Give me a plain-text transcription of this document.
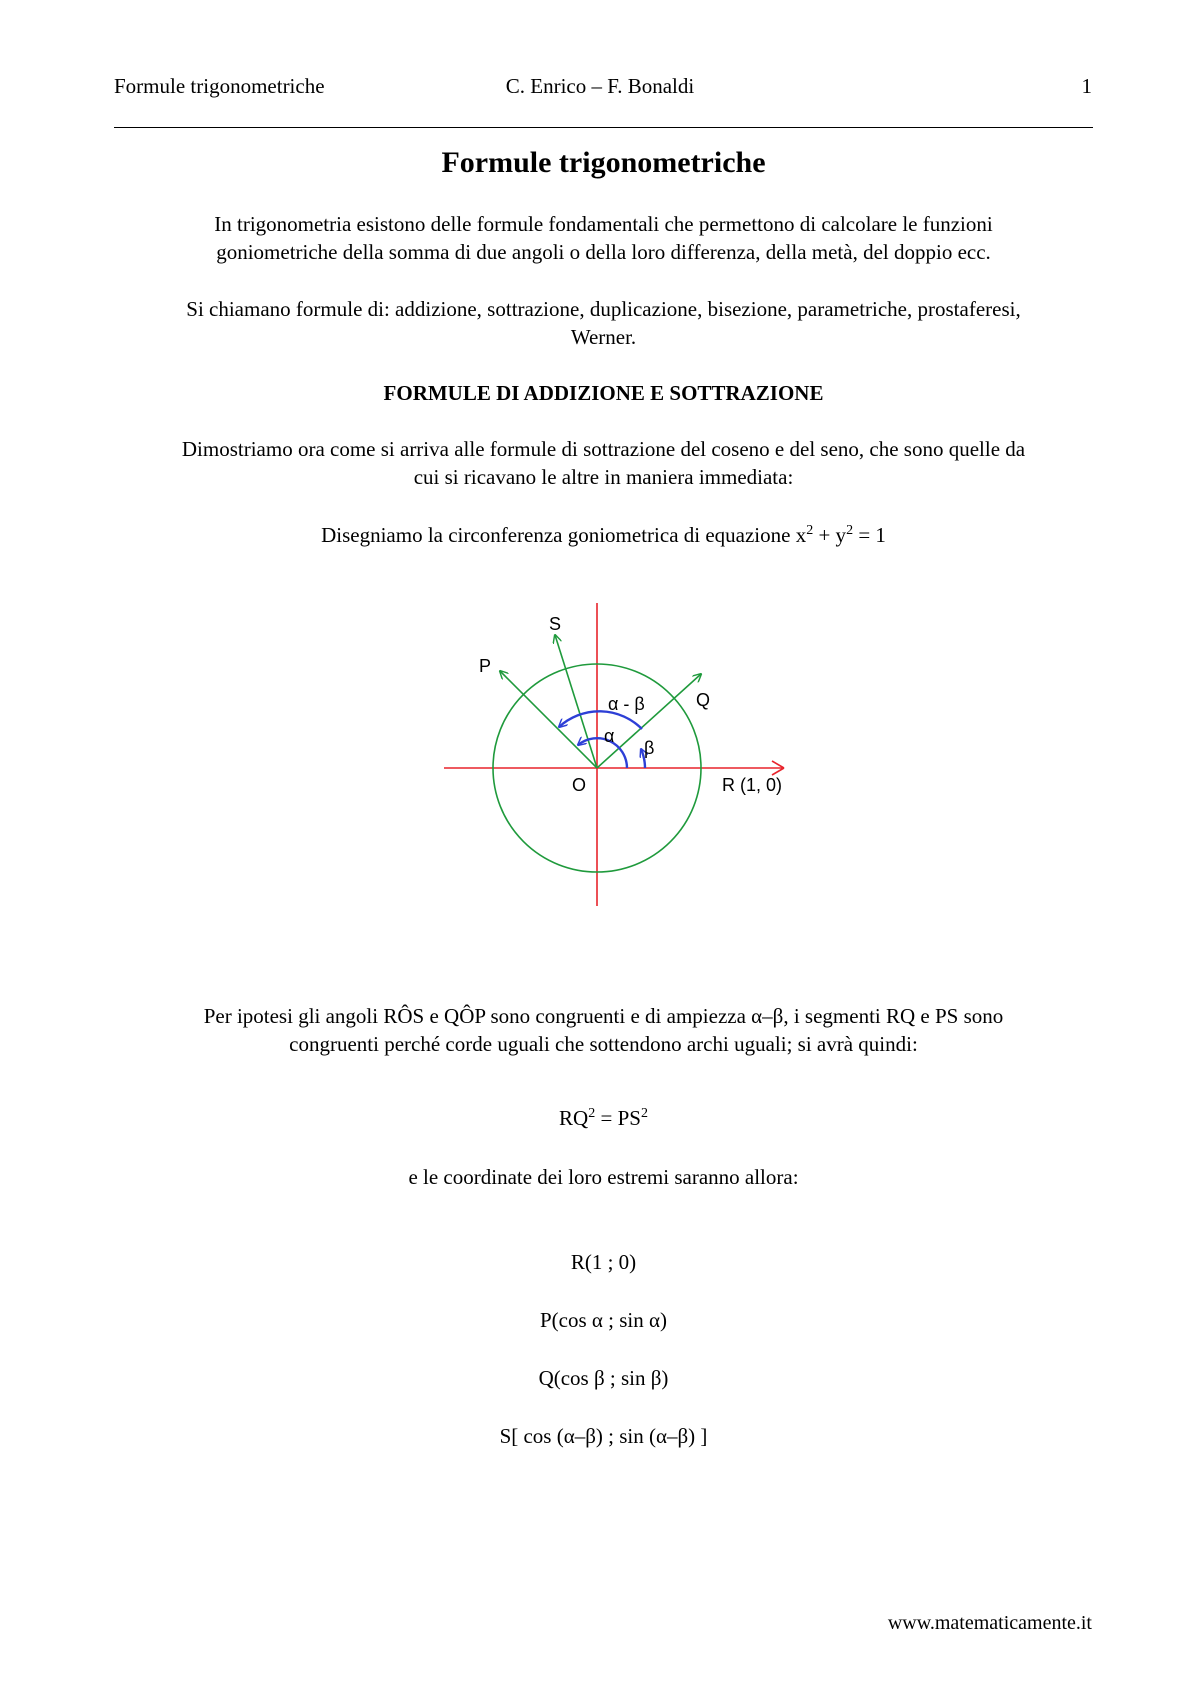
Formule trigonometriche	C. Enrico – F. Bonaldi	1
Formule trigonometriche
In trigonometria esistono delle formule fondamentali che permettono di calcolare le funzioni
goniometriche della somma di due angoli o della loro differenza, della metà, del doppio ecc.
Si chiamano formule di: addizione, sottrazione, duplicazione, bisezione, parametriche, prostaferesi,
Werner.
FORMULE DI ADDIZIONE E SOTTRAZIONE
Dimostriamo ora come si arriva alle formule di sottrazione del coseno e del seno, che sono quelle da
cui si ricavano le altre in maniera immediata:
Disegniamo la circonferenza goniometrica di equazione $x^2 + y^2 = 1$
S
P
Q
α - β
α
β
O	R (1, 0)
Per ipotesi gli angoli RÔS e QÔP sono congruenti e di ampiezza α–β, i segmenti RQ e PS sono
congruenti perché corde uguali che sottendono archi uguali; si avrà quindi:
$RQ^2 = PS^2$
e le coordinate dei loro estremi saranno allora:
R(1 ; 0)
P(cos α ; sin α)
Q(cos β ; sin β)
S[ cos (α–β) ; sin (α–β) ]
www.matematicamente.it
